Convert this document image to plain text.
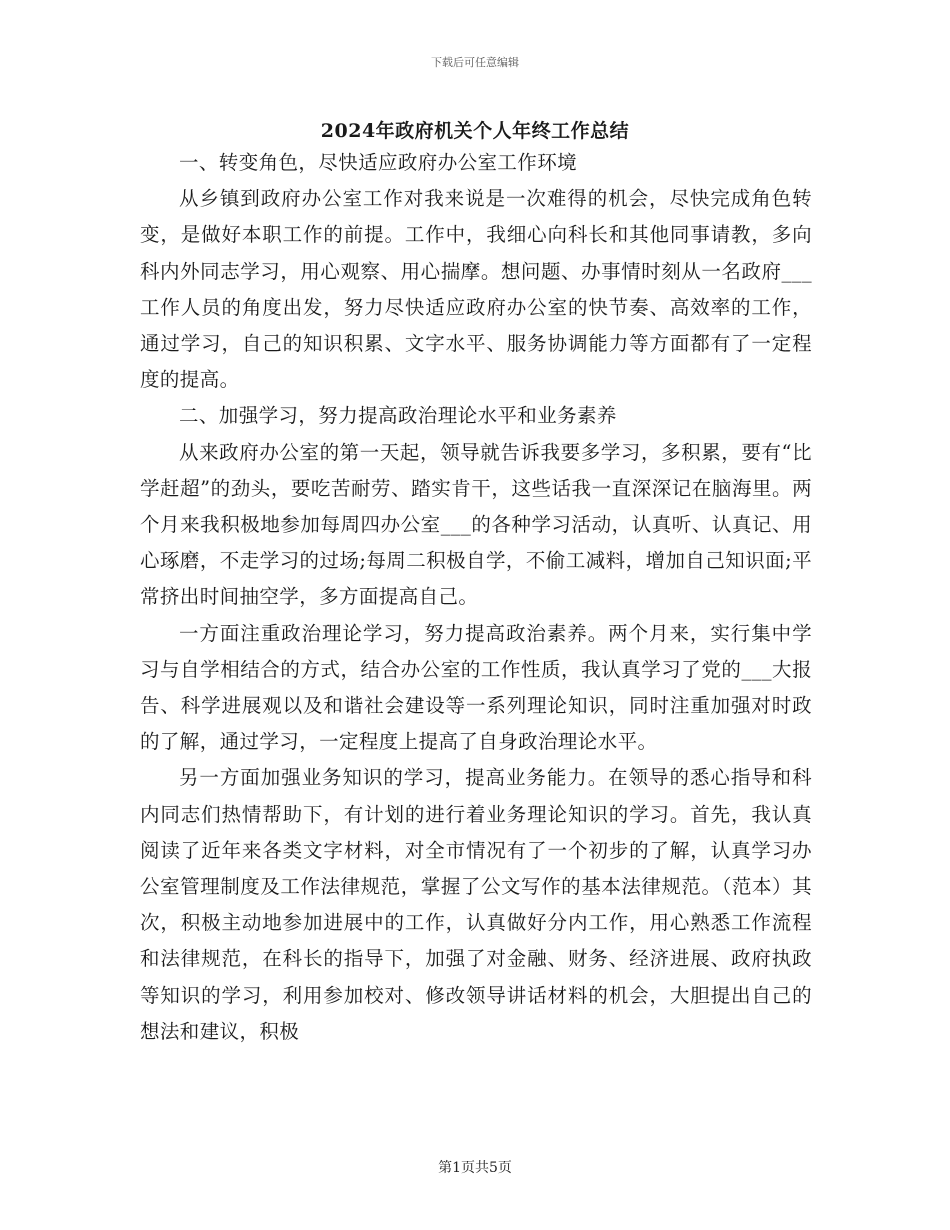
下载后可任意编辑
2024年政府机关个人年终工作总结

一、转变角色，尽快适应政府办公室工作环境

从乡镇到政府办公室工作对我来说是一次难得的机会，尽快完成角色转变，是做好本职工作的前提。工作中，我细心向科长和其他同事请教，多向科内外同志学习，用心观察、用心揣摩。想问题、办事情时刻从一名政府___工作人员的角度出发，努力尽快适应政府办公室的快节奏、高效率的工作，通过学习，自己的知识积累、文字水平、服务协调能力等方面都有了一定程度的提高。

二、加强学习，努力提高政治理论水平和业务素养

从来政府办公室的第一天起，领导就告诉我要多学习，多积累，要有“比学赶超”的劲头，要吃苦耐劳、踏实肯干，这些话我一直深深记在脑海里。两个月来我积极地参加每周四办公室___的各种学习活动，认真听、认真记、用心琢磨，不走学习的过场;每周二积极自学，不偷工减料，增加自己知识面;平常挤出时间抽空学，多方面提高自己。

一方面注重政治理论学习，努力提高政治素养。两个月来，实行集中学习与自学相结合的方式，结合办公室的工作性质，我认真学习了党的___大报告、科学进展观以及和谐社会建设等一系列理论知识，同时注重加强对时政的了解，通过学习，一定程度上提高了自身政治理论水平。

另一方面加强业务知识的学习，提高业务能力。在领导的悉心指导和科内同志们热情帮助下，有计划的进行着业务理论知识的学习。首先，我认真阅读了近年来各类文字材料，对全市情况有了一个初步的了解，认真学习办公室管理制度及工作法律规范，掌握了公文写作的基本法律规范。（范本）其次，积极主动地参加进展中的工作，认真做好分内工作，用心熟悉工作流程和法律规范，在科长的指导下，加强了对金融、财务、经济进展、政府执政等知识的学习，利用参加校对、修改领导讲话材料的机会，大胆提出自己的想法和建议，积极

第1页共5页
